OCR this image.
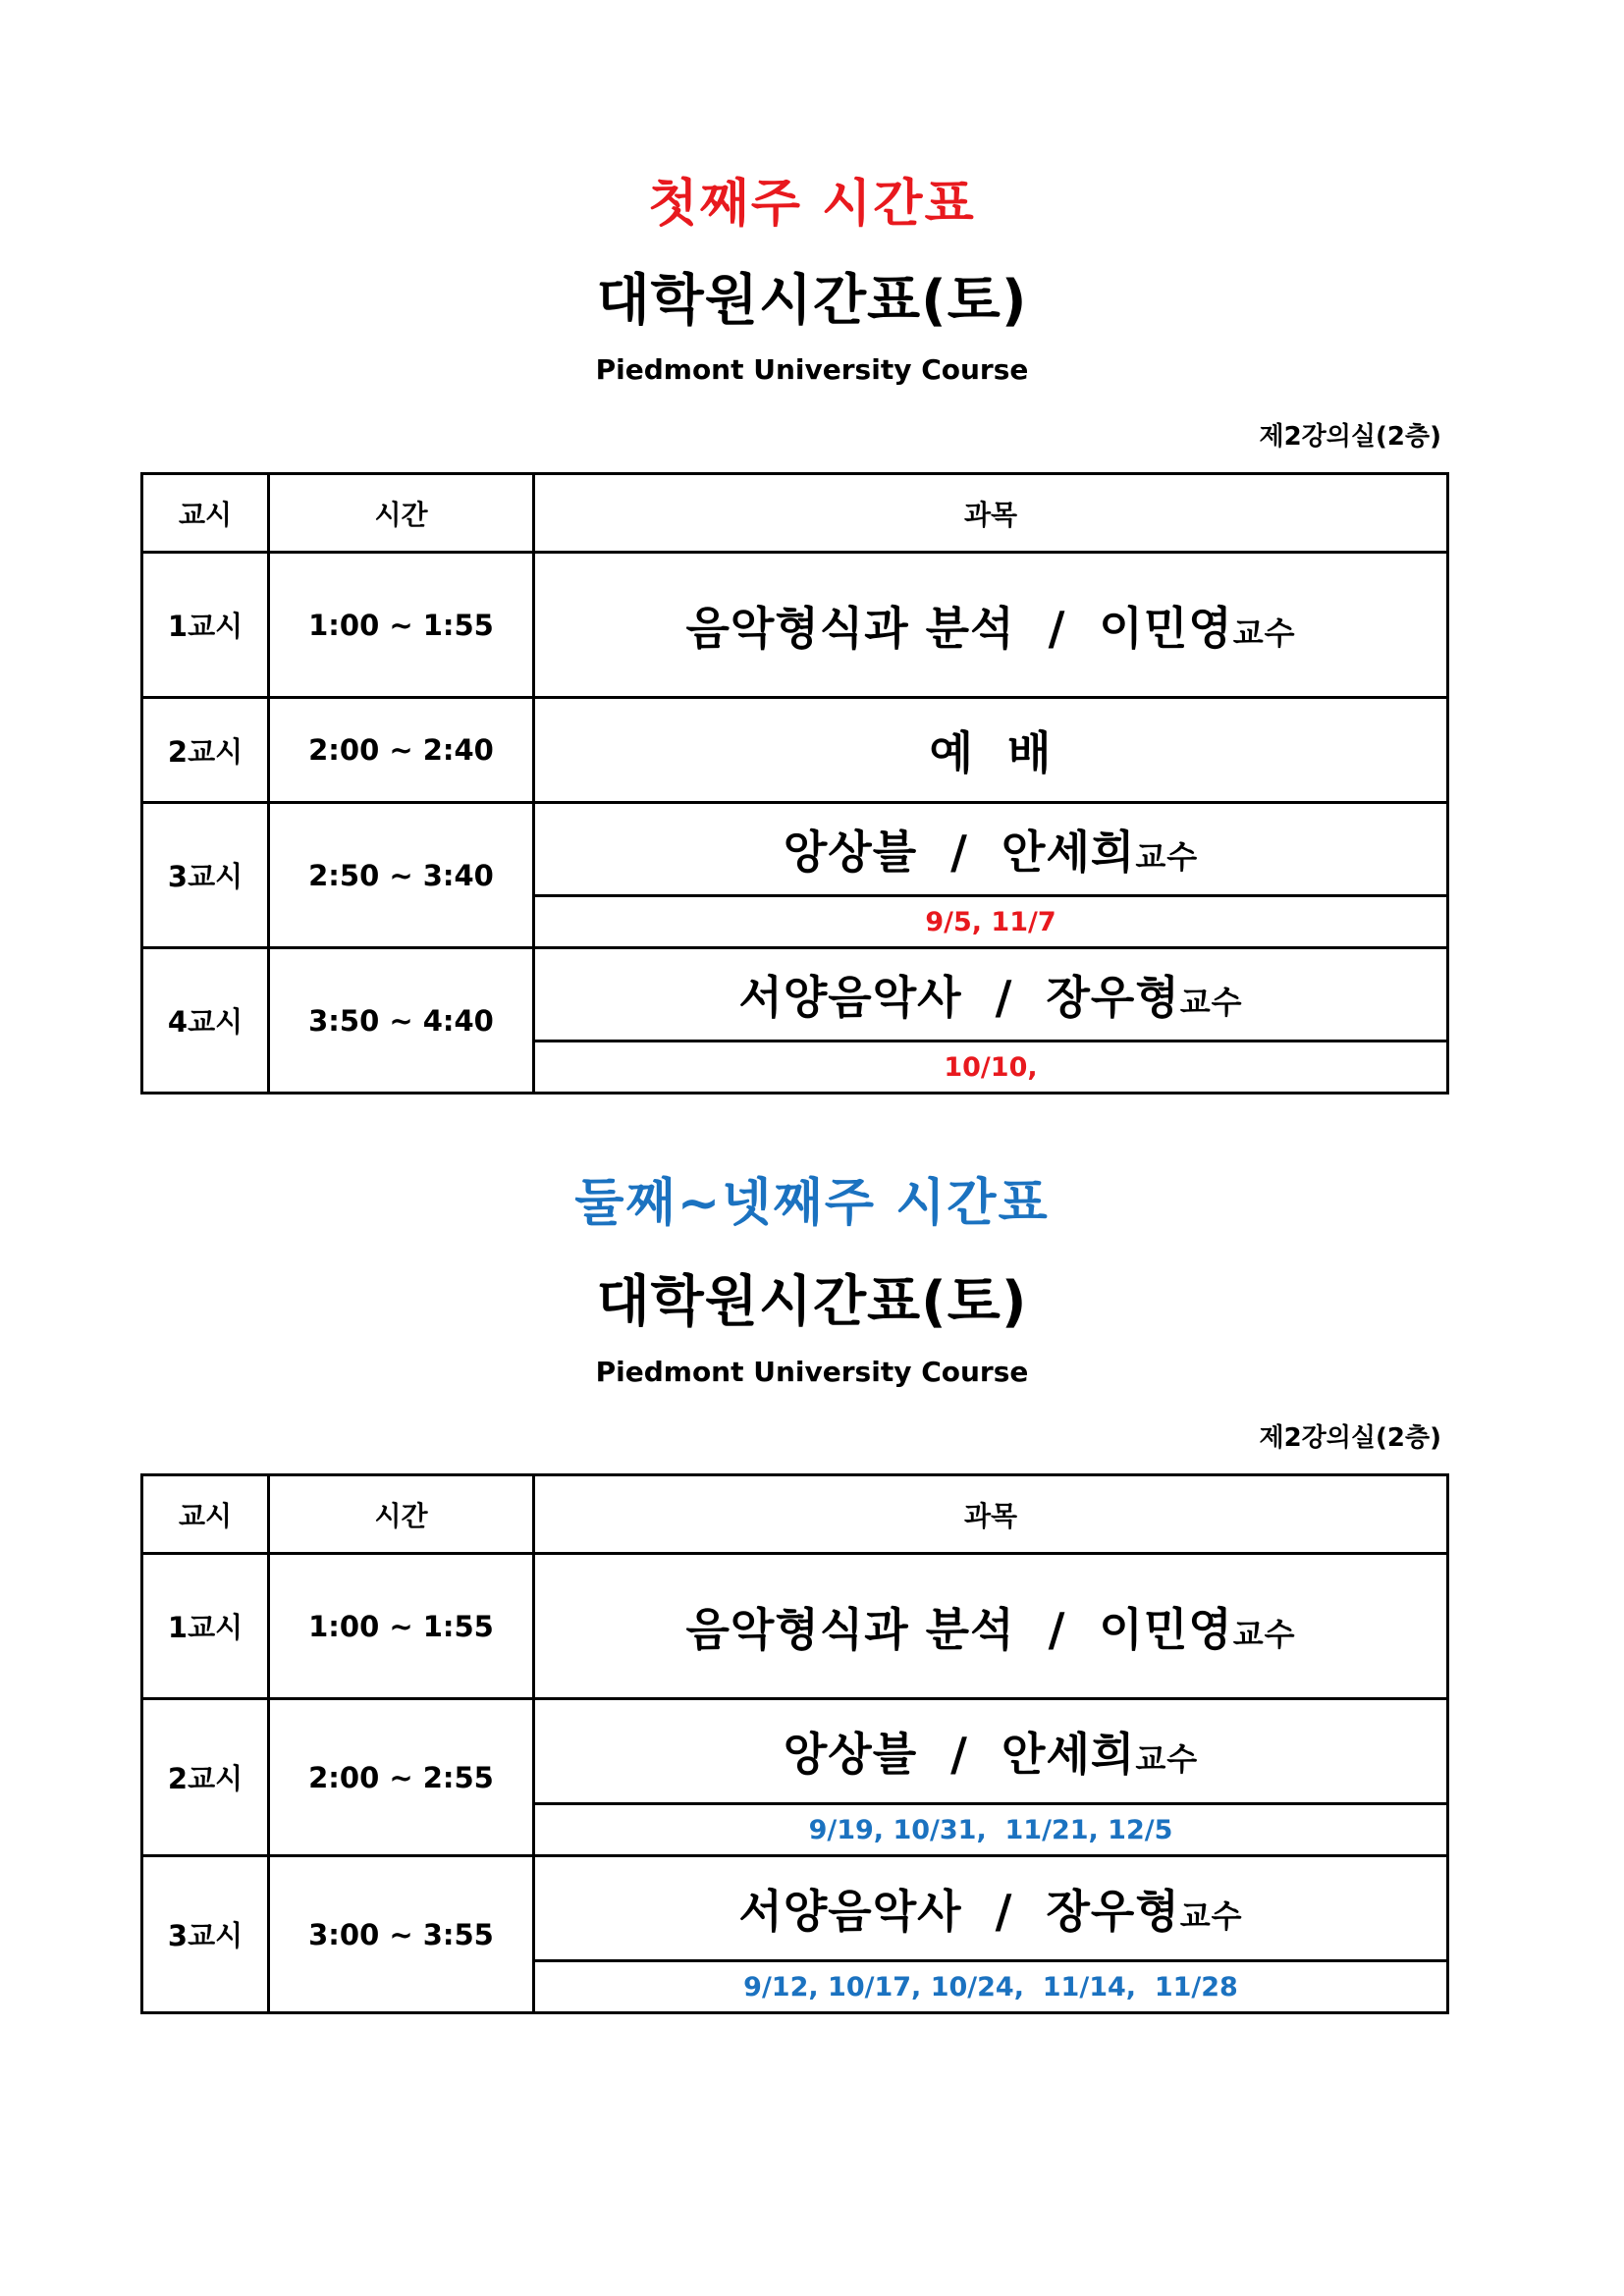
첫째주 시간표
대학원시간표(토)
Piedmont University Course
제2강의실(2층)
교시	시간	과목
1교시	1:00 ~ 1:55	음악형식과 분석  /  이민영교수
2교시	2:00 ~ 2:40	예  배
3교시	2:50 ~ 3:40	앙상블  /  안세희교수
		9/5, 11/7
4교시	3:50 ~ 4:40	서양음악사  /  장우형교수
		10/10,
둘째~넷째주 시간표
대학원시간표(토)
Piedmont University Course
제2강의실(2층)
교시	시간	과목
1교시	1:00 ~ 1:55	음악형식과 분석  /  이민영교수
2교시	2:00 ~ 2:55	앙상블  /  안세희교수
		9/19, 10/31,  11/21, 12/5
3교시	3:00 ~ 3:55	서양음악사  /  장우형교수
		9/12, 10/17, 10/24,  11/14,  11/28
